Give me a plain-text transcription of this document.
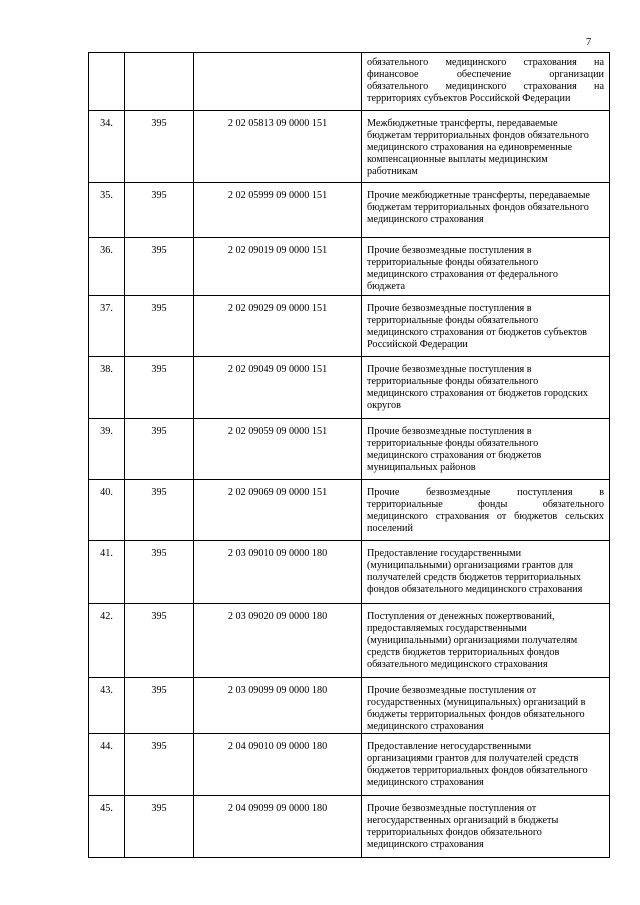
7

			обязательного медицинского страхования на
финансовое обеспечение организации
обязательного медицинского страхования на
территориях субъектов Российской Федерации

34.	395	2 02 05813 09 0000 151	Межбюджетные трансферты, передаваемые
бюджетам территориальных фондов обязательного
медицинского страхования на единовременные
компенсационные выплаты медицинским
работникам

35.	395	2 02 05999 09 0000 151	Прочие межбюджетные трансферты, передаваемые
бюджетам территориальных фондов обязательного
медицинского страхования

36.	395	2 02 09019 09 0000 151	Прочие безвозмездные поступления в
территориальные фонды обязательного
медицинского страхования от федерального
бюджета

37.	395	2 02 09029 09 0000 151	Прочие безвозмездные поступления в
территориальные фонды обязательного
медицинского страхования от бюджетов субъектов
Российской Федерации

38.	395	2 02 09049 09 0000 151	Прочие безвозмездные поступления в
территориальные фонды обязательного
медицинского страхования от бюджетов городских
округов

39.	395	2 02 09059 09 0000 151	Прочие безвозмездные поступления в
территориальные фонды обязательного
медицинского страхования от бюджетов
муниципальных районов

40.	395	2 02 09069 09 0000 151	Прочие безвозмездные поступления в
территориальные фонды обязательного
медицинского страхования от бюджетов сельских
поселений

41.	395	2 03 09010 09 0000 180	Предоставление государственными
(муниципальными) организациями грантов для
получателей средств бюджетов территориальных
фондов обязательного медицинского страхования

42.	395	2 03 09020 09 0000 180	Поступления от денежных пожертвований,
предоставляемых государственными
(муниципальными) организациями получателям
средств бюджетов территориальных фондов
обязательного медицинского страхования

43.	395	2 03 09099 09 0000 180	Прочие безвозмездные поступления от
государственных (муниципальных) организаций в
бюджеты территориальных фондов обязательного
медицинского страхования

44.	395	2 04 09010 09 0000 180	Предоставление негосударственными
организациями грантов для получателей средств
бюджетов территориальных фондов обязательного
медицинского страхования

45.	395	2 04 09099 09 0000 180	Прочие безвозмездные поступления от
негосударственных организаций в бюджеты
территориальных фондов обязательного
медицинского страхования
